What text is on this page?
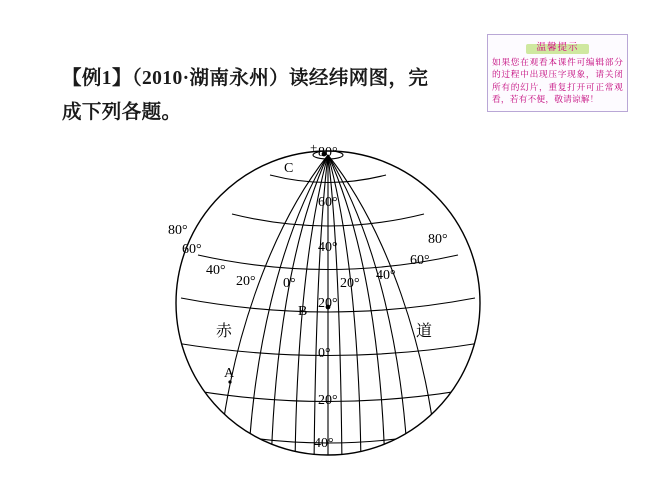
【例1】（2010·湖南永州）读经纬网图，完
成下列各题。
温馨提示
如果您在观看本课件可编辑部分的过程中出现压字现象，请关闭所有的幻片，重复打开可正常观看，若有不便，敬请谅解！
+ 80°
C
60°
40°
20°
0°
20°
40°
B
A
80°
60°
40°
20° 0°	20°
40°
60°
80°
赤	道
